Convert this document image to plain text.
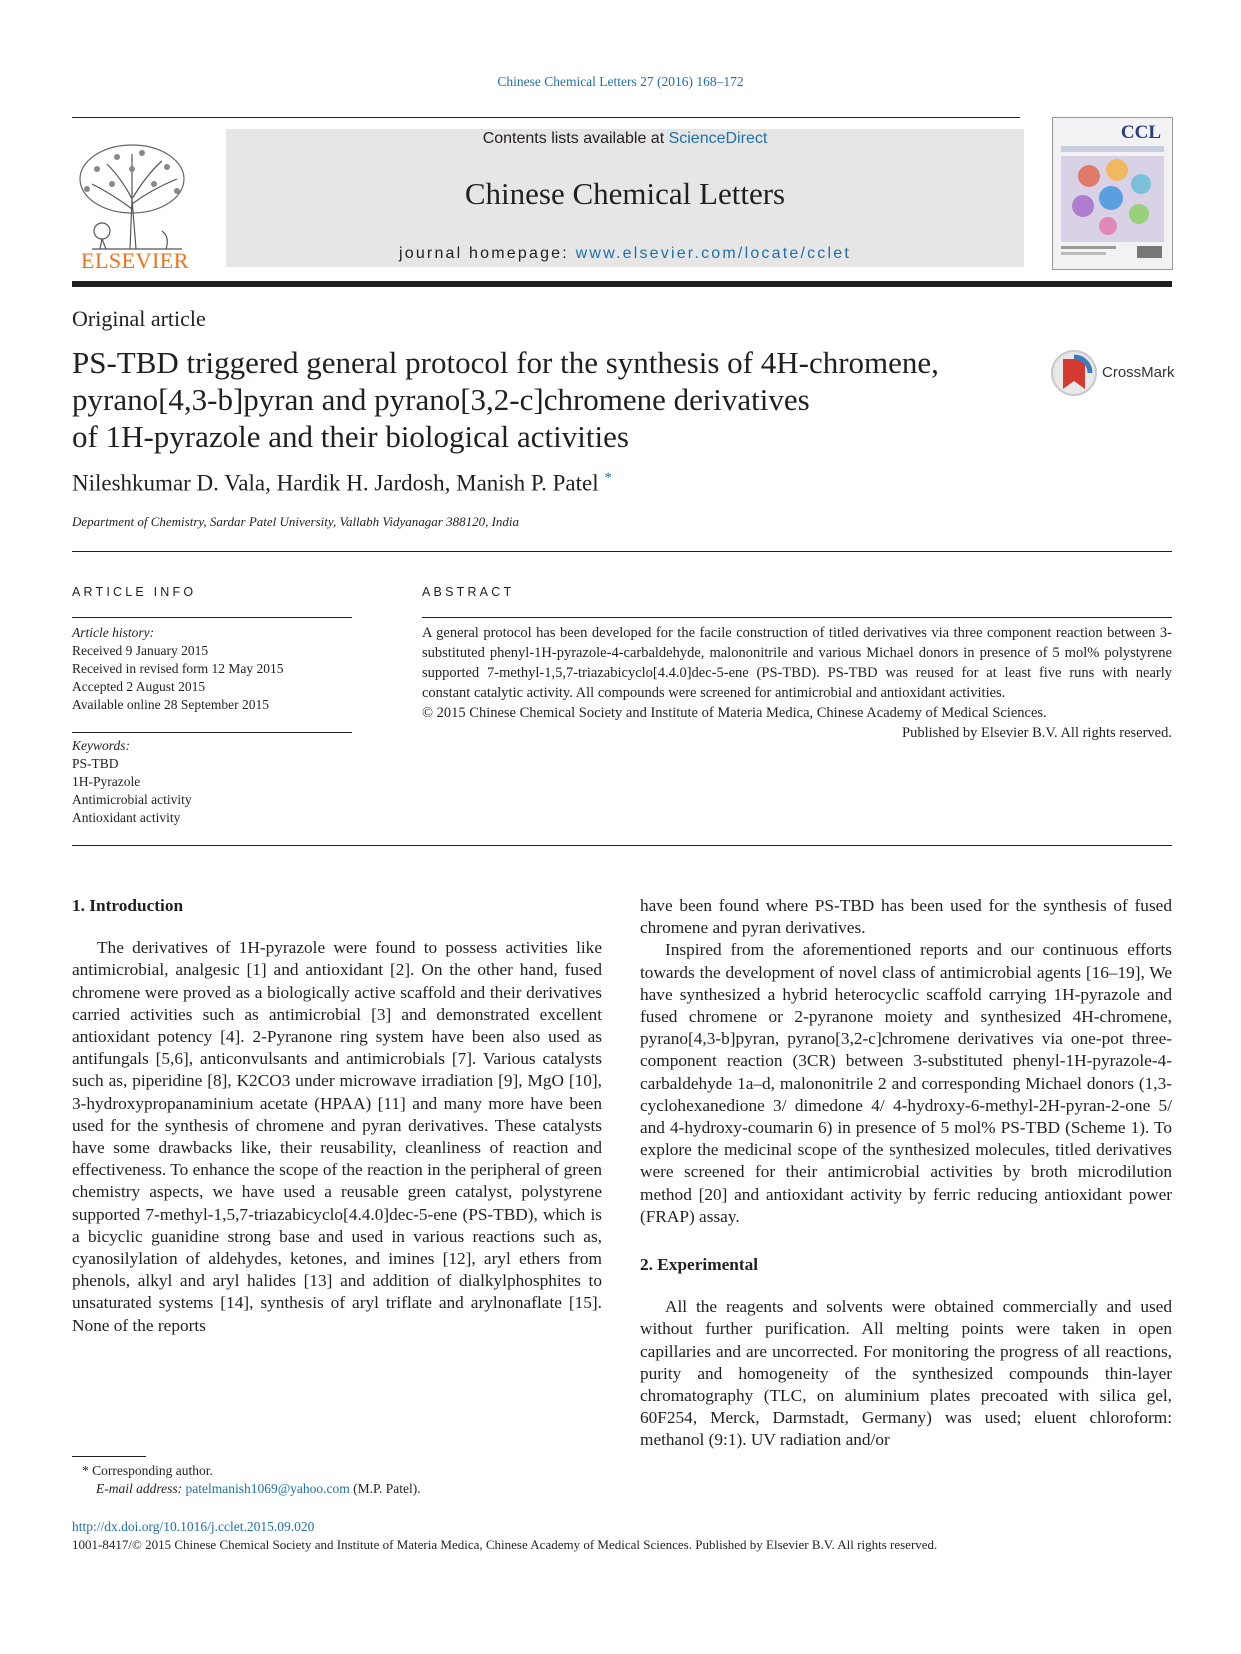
Chinese Chemical Letters 27 (2016) 168–172
ELSEVIER
Contents lists available at ScienceDirect
Chinese Chemical Letters
journal homepage: www.elsevier.com/locate/cclet
CCL
Original article
PS-TBD triggered general protocol for the synthesis of 4H-chromene,
pyrano[4,3-b]pyran and pyrano[3,2-c]chromene derivatives
of 1H-pyrazole and their biological activities
CrossMark
Nileshkumar D. Vala, Hardik H. Jardosh, Manish P. Patel *
Department of Chemistry, Sardar Patel University, Vallabh Vidyanagar 388120, India
ARTICLE INFO	ABSTRACT
Article history:
Received 9 January 2015
Received in revised form 12 May 2015
Accepted 2 August 2015
Available online 28 September 2015
Keywords:
PS-TBD
1H-Pyrazole
Antimicrobial activity
Antioxidant activity
A general protocol has been developed for the facile construction of titled derivatives via three component reaction between 3-substituted phenyl-1H-pyrazole-4-carbaldehyde, malononitrile and various Michael donors in presence of 5 mol% polystyrene supported 7-methyl-1,5,7-triazabicyclo[4.4.0]dec-5-ene (PS-TBD). PS-TBD was reused for at least five runs with nearly constant catalytic activity. All compounds were screened for antimicrobial and antioxidant activities.
© 2015 Chinese Chemical Society and Institute of Materia Medica, Chinese Academy of Medical Sciences.
Published by Elsevier B.V. All rights reserved.

1. Introduction

The derivatives of 1H-pyrazole were found to possess activities like antimicrobial, analgesic [1] and antioxidant [2]. On the other hand, fused chromene were proved as a biologically active scaffold and their derivatives carried activities such as antimicrobial [3] and demonstrated excellent antioxidant potency [4]. 2-Pyranone ring system have been also used as antifungals [5,6], anticonvulsants and antimicrobials [7]. Various catalysts such as, piperidine [8], K2CO3 under microwave irradiation [9], MgO [10], 3-hydroxypropanaminium acetate (HPAA) [11] and many more have been used for the synthesis of chromene and pyran derivatives. These catalysts have some drawbacks like, their reusability, cleanliness of reaction and effectiveness. To enhance the scope of the reaction in the peripheral of green chemistry aspects, we have used a reusable green catalyst, polystyrene supported 7-methyl-1,5,7-triazabicyclo[4.4.0]dec-5-ene (PS-TBD), which is a bicyclic guanidine strong base and used in various reactions such as, cyanosilylation of aldehydes, ketones, and imines [12], aryl ethers from phenols, alkyl and aryl halides [13] and addition of dialkylphosphites to unsaturated systems [14], synthesis of aryl triflate and arylnonaflate [15]. None of the reports

have been found where PS-TBD has been used for the synthesis of fused chromene and pyran derivatives.

Inspired from the aforementioned reports and our continuous efforts towards the development of novel class of antimicrobial agents [16–19], We have synthesized a hybrid heterocyclic scaffold carrying 1H-pyrazole and fused chromene or 2-pyranone moiety and synthesized 4H-chromene, pyrano[4,3-b]pyran, pyrano[3,2-c]chromene derivatives via one-pot three-component reaction (3CR) between 3-substituted phenyl-1H-pyrazole-4-carbaldehyde 1a–d, malononitrile 2 and corresponding Michael donors (1,3-cyclohexanedione 3/ dimedone 4/ 4-hydroxy-6-methyl-2H-pyran-2-one 5/ and 4-hydroxy-coumarin 6) in presence of 5 mol% PS-TBD (Scheme 1). To explore the medicinal scope of the synthesized molecules, titled derivatives were screened for their antimicrobial activities by broth microdilution method [20] and antioxidant activity by ferric reducing antioxidant power (FRAP) assay.

2. Experimental

All the reagents and solvents were obtained commercially and used without further purification. All melting points were taken in open capillaries and are uncorrected. For monitoring the progress of all reactions, purity and homogeneity of the synthesized compounds thin-layer chromatography (TLC, on aluminium plates precoated with silica gel, 60F254, Merck, Darmstadt, Germany) was used; eluent chloroform: methanol (9:1). UV radiation and/or

* Corresponding author.
E-mail address: patelmanish1069@yahoo.com (M.P. Patel).
http://dx.doi.org/10.1016/j.cclet.2015.09.020
1001-8417/© 2015 Chinese Chemical Society and Institute of Materia Medica, Chinese Academy of Medical Sciences. Published by Elsevier B.V. All rights reserved.
